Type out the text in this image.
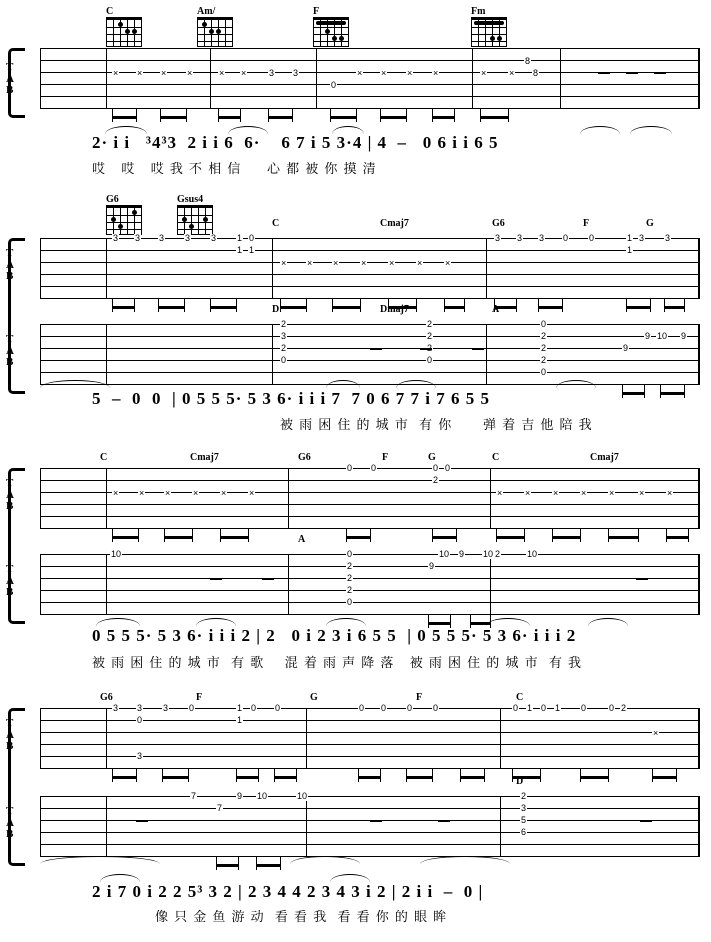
C	Am/	F	Fm
T
A
B
× × × ×	× ×	3 3
0
× × × ×	×	×
8
8
2· i i   ³4³3  2 i i 6  6·    6 7 i 5 3·4 | 4  –   0 6 i i 6 5
哎   哎   哎 我 不 相 信     心 都 被 你 摸 清
G6	Gsus4
C	Cmaj7	G6	F	G
T
A
B
3 3 3 3 3 1 0
1 1
× × ×	×	×	×	×
3 3 3 0 0	1 3 3
1
D	Dmaj7	A
T
A
B
2
3
2
0
2
2
0
0
2
2
2
0
9
9 10 9
5  –  0  0  | 0 5 5 5· 5 3 6· i i i 7  7 0 6 7 7 i 7 6 5 5
被 雨 困 住 的 城 市  有 你      弹 着 吉 他 陪 我
C	Cmaj7	G6	F	G	C	Cmaj7
T
A
B
× × ×	×	×	×
0 0	0
2
0
×	×	×	×	×	×	×
A
T
A
B
10	0
2
2
2
0
10 9
9
10 2	10
0 5 5 5· 5 3 6· i i i 2 | 2   0 i 2 3 i 6 5 5  | 0 5 5 5· 5 3 6· i i i 2
被 雨 困 住 的 城 市  有 歌    混 着 雨 声 降 落   被 雨 困 住 的 城 市  有 我
G6	F	G	F	C
T
A
B
3 3 3 0
0
3
1 0 0
1
0 0 0 0	0 1 0 1 0	0 2
×
D
T
A
B
7	9 10	10
7
2
3
5
6
2 i 7 0 i 2 2 5³ 3 2 | 2 3 4 4 2 3 4 3 i 2 | 2 i i  –  0 |
像 只 金 鱼 游 动  看 看 我  看 看 你 的 眼 眸
